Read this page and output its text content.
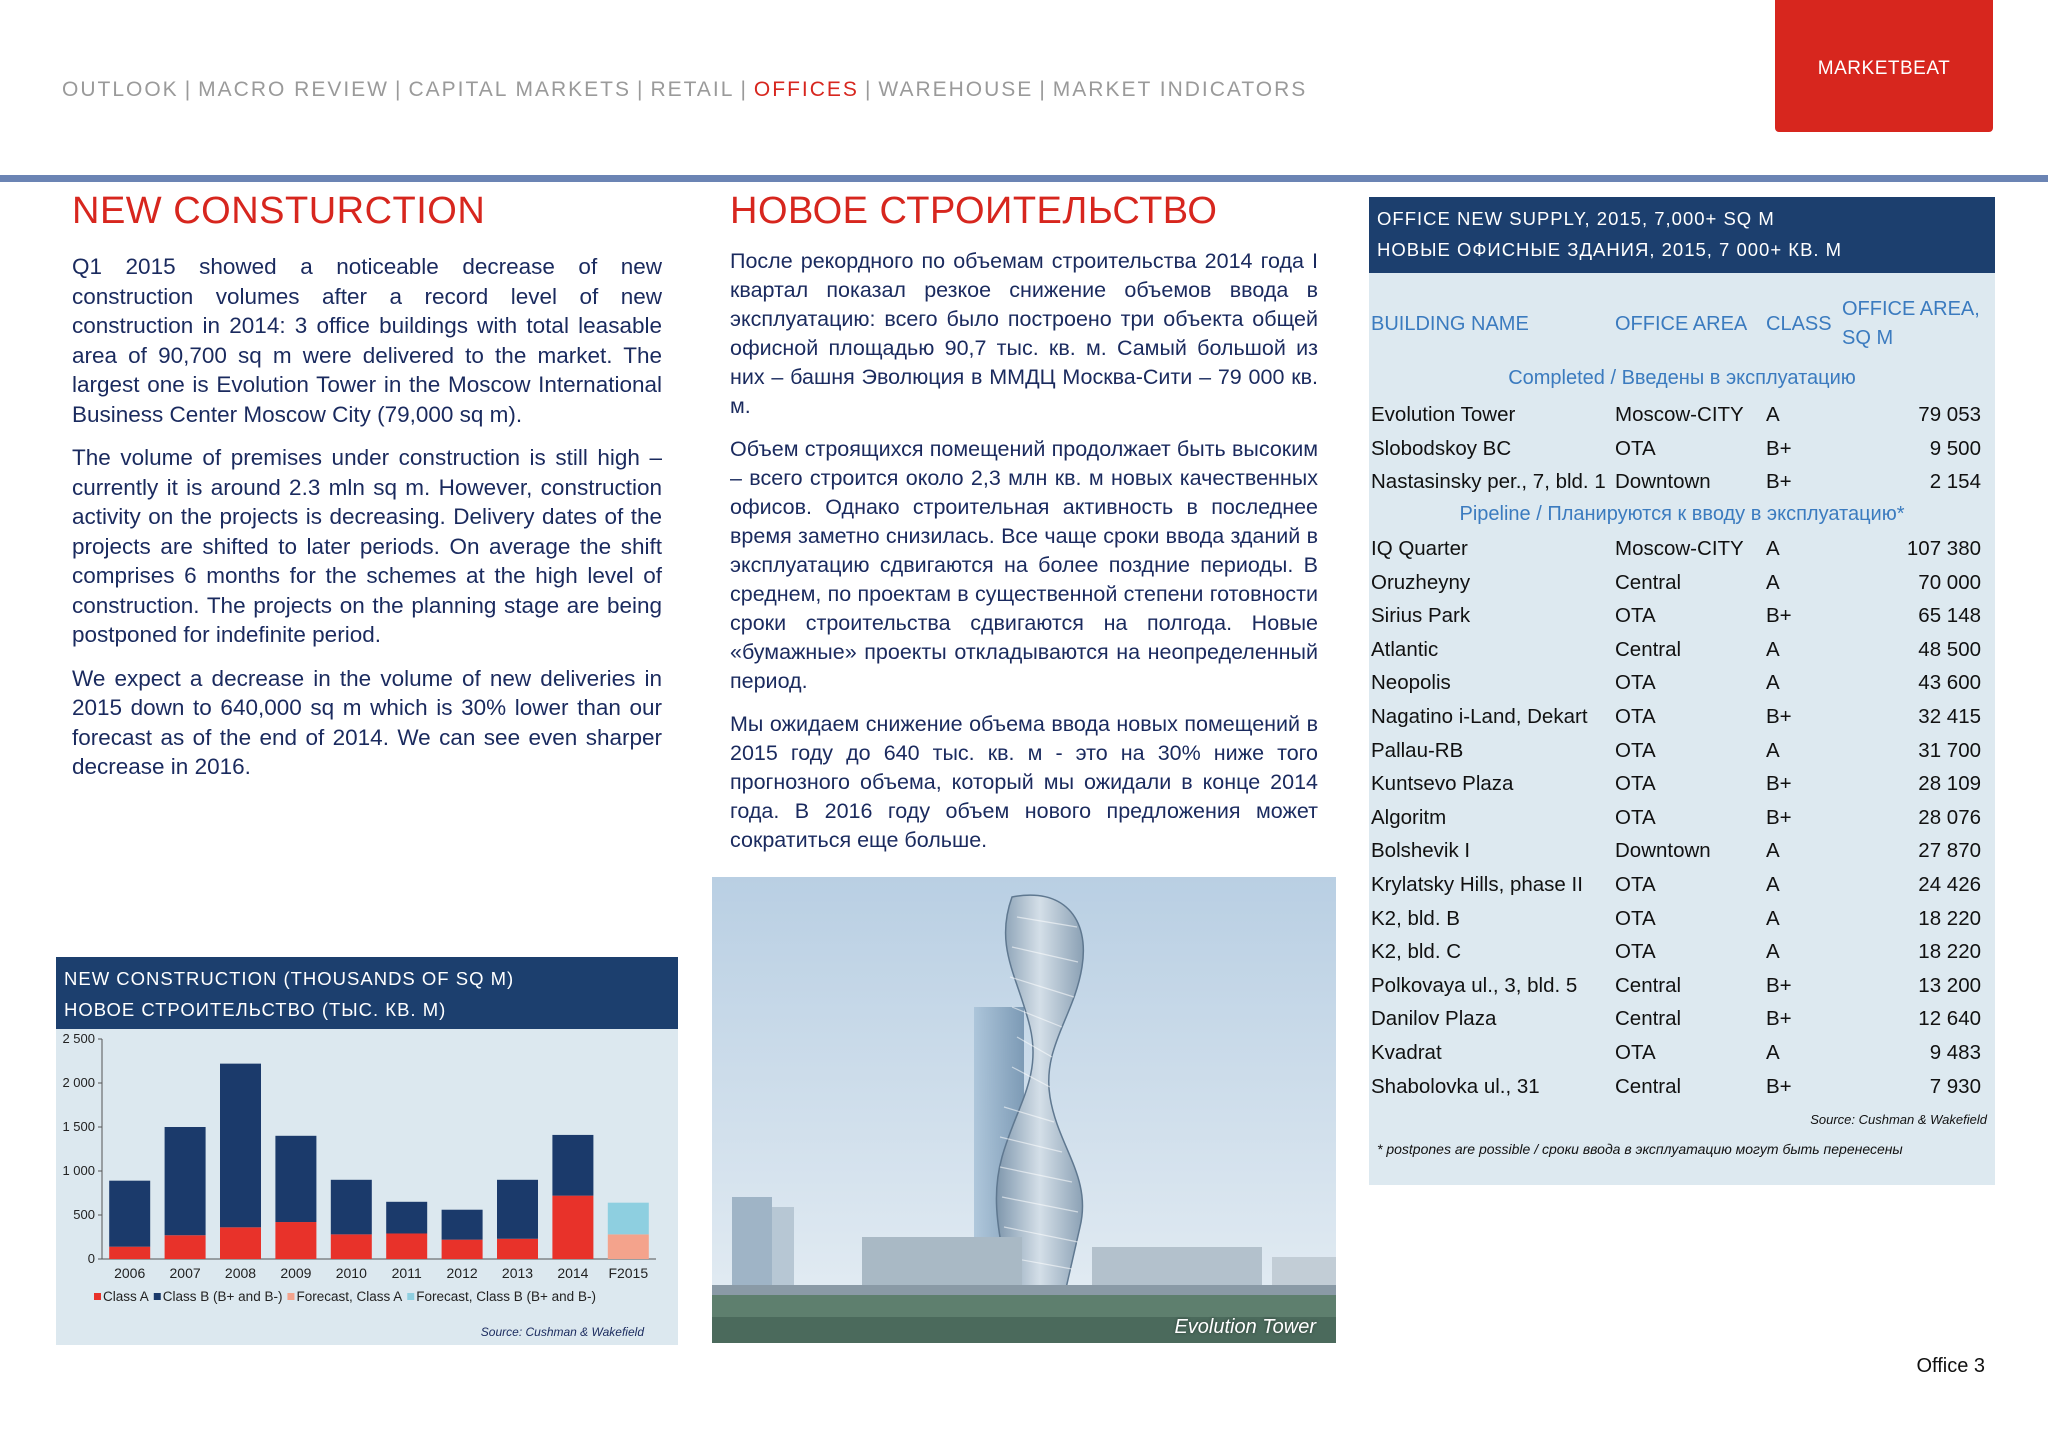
OUTLOOK | MACRO REVIEW | CAPITAL MARKETS | RETAIL | OFFICES | WAREHOUSE | MARKET INDICATORS
MARKETBEAT
NEW CONSTURCTION

Q1 2015 showed a noticeable decrease of new construction volumes after a record level of new construction in 2014: 3 office buildings with total leasable area of 90,700 sq m were delivered to the market. The largest one is Evolution Tower in the Moscow International Business Center Moscow City (79,000 sq m).

The volume of premises under construction is still high – currently it is around 2.3 mln sq m. However, construction activity on the projects is decreasing. Delivery dates of the projects are shifted to later periods. On average the shift comprises 6 months for the schemes at the high level of construction. The projects on the planning stage are being postponed for indefinite period.

We expect a decrease in the volume of new deliveries in 2015 down to 640,000 sq m which is 30% lower than our forecast as of the end of 2014. We can see even sharper decrease in 2016.

НОВОЕ СТРОИТЕЛЬСТВО

После рекордного по объемам строительства 2014 года I квартал показал резкое снижение объемов ввода в эксплуатацию: всего было построено три объекта общей офисной площадью 90,7 тыс. кв. м. Самый большой из них – башня Эволюция в ММДЦ Москва-Сити – 79 000 кв. м.

Объем строящихся помещений продолжает быть высоким – всего строится около 2,3 млн кв. м новых качественных офисов. Однако строительная активность в последнее время заметно снизилась. Все чаще сроки ввода зданий в эксплуатацию сдвигаются на более поздние периоды. В среднем, по проектам в существенной степени готовности сроки строительства сдвигаются на полгода. Новые «бумажные» проекты откладываются на неопределенный период.

Мы ожидаем снижение объема ввода новых помещений в 2015 году до 640 тыс. кв. м - это на 30% ниже того прогнозного объема, который мы ожидали в конце 2014 года. В 2016 году объем нового предложения может сократиться еще больше.

NEW CONSTRUCTION (THOUSANDS OF SQ M)
НОВОЕ СТРОИТЕЛЬСТВО (ТЫС. КВ. М)
0
500
1 000
1 500
2 000
2 500
2006 2007 2008 2009 2010 2011 2012 2013 2014 F2015
Class A Class B (B+ and B-) Forecast, Class A Forecast, Class B (B+ and B-)
Source: Cushman & Wakefield	Evolution Tower
OFFICE NEW SUPPLY, 2015, 7,000+ SQ M
НОВЫЕ ОФИСНЫЕ ЗДАНИЯ, 2015, 7 000+ КВ. М
BUILDING NAME	OFFICE AREA CLASS
OFFICE AREA,
SQ M
Completed / Введены в эксплуатацию
Evolution Tower	Moscow-CITY A	79 053
Slobodskoy BC	OTA	B+	9 500
Nastasinsky per., 7, bld. 1 Downtown	B+	2 154
Pipeline / Планируются к вводу в эксплуатацию*
IQ Quarter	Moscow-CITY A	107 380
Oruzheyny	Central	A	70 000
Sirius Park	OTA	B+	65 148
Atlantic	Central	A	48 500
Neopolis	OTA	A	43 600
Nagatino i-Land, Dekart OTA	B+	32 415
Pallau-RB	OTA	A	31 700
Kuntsevo Plaza	OTA	B+	28 109
Algoritm	OTA	B+	28 076
Bolshevik I	Downtown	A	27 870
Krylatsky Hills, phase II OTA	A	24 426
K2, bld. B	OTA	A	18 220
K2, bld. C	OTA	A	18 220
Polkovaya ul., 3, bld. 5 Central	B+	13 200
Danilov Plaza	Central	B+	12 640
Kvadrat	OTA	A	9 483
Shabolovka ul., 31	Central	B+	7 930
Source: Cushman & Wakefield
* postpones are possible / сроки ввода в эксплуатацию могут быть перенесены
Office 3
